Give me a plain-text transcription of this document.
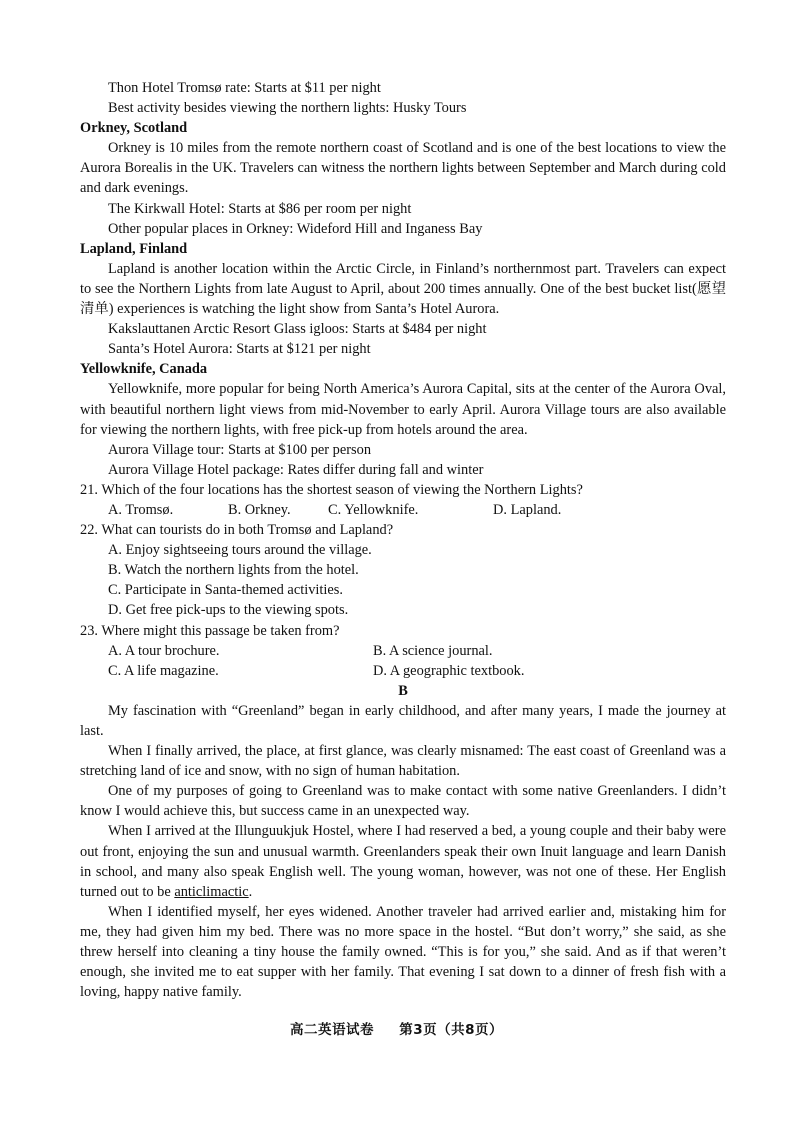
Thon Hotel Tromsø rate: Starts at $11 per night
Best activity besides viewing the northern lights: Husky Tours
Orkney, Scotland
Orkney is 10 miles from the remote northern coast of Scotland and is one of the best locations to view the Aurora Borealis in the UK. Travelers can witness the northern lights between September and March during cold and dark evenings.
The Kirkwall Hotel: Starts at $86 per room per night
Other popular places in Orkney: Wideford Hill and Inganess Bay
Lapland, Finland
Lapland is another location within the Arctic Circle, in Finland’s northernmost part. Travelers can expect to see the Northern Lights from late August to April, about 200 times annually. One of the best bucket list(愿望清单) experiences is watching the light show from Santa’s Hotel Aurora.
Kakslauttanen Arctic Resort Glass igloos: Starts at $484 per night
Santa’s Hotel Aurora: Starts at $121 per night
Yellowknife, Canada
Yellowknife, more popular for being North America’s Aurora Capital, sits at the center of the Aurora Oval, with beautiful northern light views from mid-November to early April. Aurora Village tours are also available for viewing the northern lights, with free pick-up from hotels around the area.
Aurora Village tour: Starts at $100 per person
Aurora Village Hotel package: Rates differ during fall and winter
21. Which of the four locations has the shortest season of viewing the Northern Lights?
A. Tromsø.	B. Orkney.	C. Yellowknife.	D. Lapland.
22. What can tourists do in both Tromsø and Lapland?
A. Enjoy sightseeing tours around the village.
B. Watch the northern lights from the hotel.
C. Participate in Santa-themed activities.
D. Get free pick-ups to the viewing spots.
23. Where might this passage be taken from?
A. A tour brochure.	B. A science journal.
C. A life magazine.	D. A geographic textbook.
B
My fascination with “Greenland” began in early childhood, and after many years, I made the journey at last.
When I finally arrived, the place, at first glance, was clearly misnamed: The east coast of Greenland was a stretching land of ice and snow, with no sign of human habitation.
One of my purposes of going to Greenland was to make contact with some native Greenlanders. I didn’t know I would achieve this, but success came in an unexpected way.
When I arrived at the Illunguukjuk Hostel, where I had reserved a bed, a young couple and their baby were out front, enjoying the sun and unusual warmth. Greenlanders speak their own Inuit language and learn Danish in school, and many also speak English well. The young woman, however, was not one of these. Her English turned out to be anticlimactic.
When I identified myself, her eyes widened. Another traveler had arrived earlier and, mistaking him for me, they had given him my bed. There was no more space in the hostel. “But don’t worry,” she said, as she threw herself into cleaning a tiny house the family owned. “This is for you,” she said. And as if that weren’t enough, she invited me to eat supper with her family. That evening I sat down to a dinner of fresh fish with a loving, happy native family.
高二英语试卷 第3页（共8页）
